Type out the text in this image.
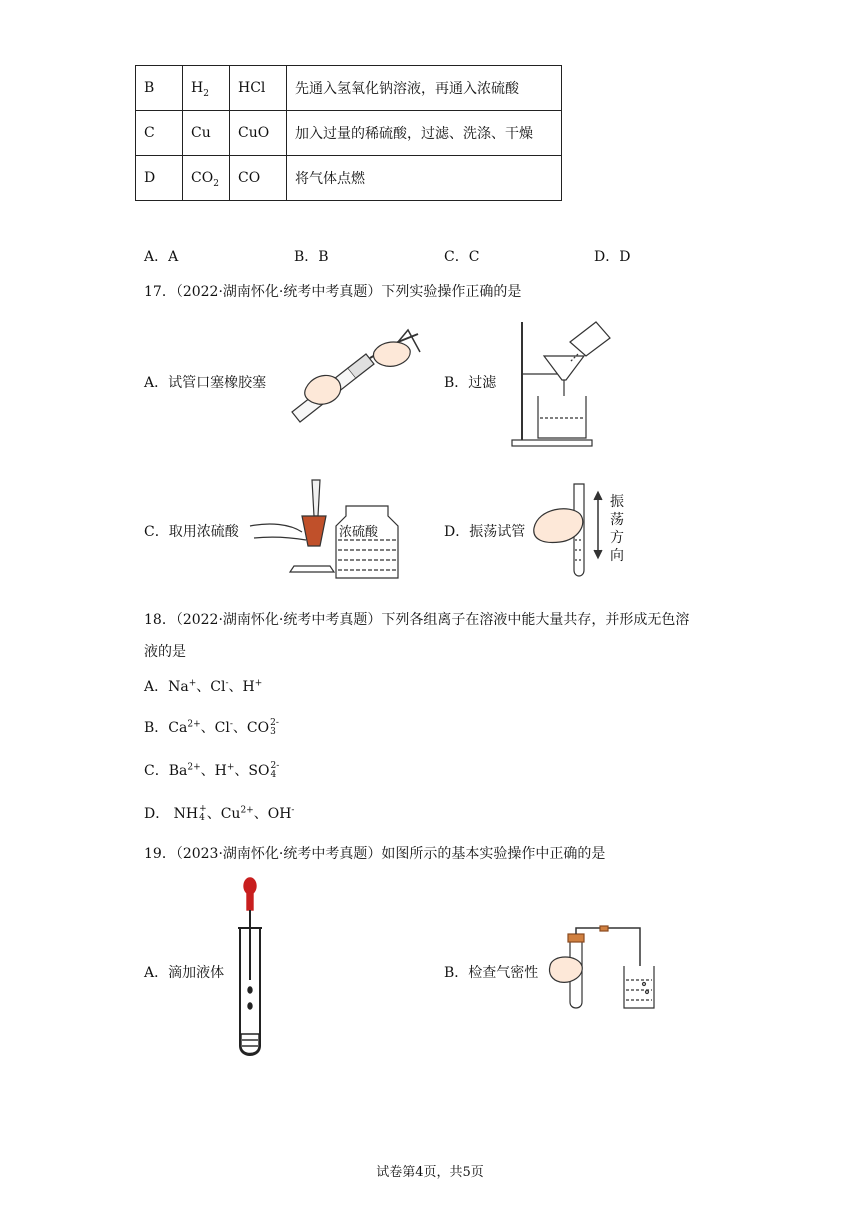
B	$H_2$	HCl	先通入氢氧化钠溶液，再通入浓硫酸
C	Cu	CuO	加入过量的稀硫酸，过滤、洗涤、干燥
D	$CO_2$	CO	将气体点燃
A．A	B．B	C．C	D．D
17．（2022·湖南怀化·统考中考真题）下列实验操作正确的是
A．试管口塞橡胶塞	B．过滤
C．取用浓硫酸	D．振荡试管
浓硫酸
振
荡
方
向
18．（2022·湖南怀化·统考中考真题）下列各组离子在溶液中能大量共存，并形成无色溶
液的是
A．Na+、Cl-、H+
B．$Ca^{2+}$、Cl-、CO2-
3
C．$Ba^{2+}$、H+、SO2-
4
D． NH+
4 、$Cu^{2+}$、OH-
19．（2023·湖南怀化·统考中考真题）如图所示的基本实验操作中正确的是
A．滴加液体	B．检查气密性
试卷第4页，共5页
